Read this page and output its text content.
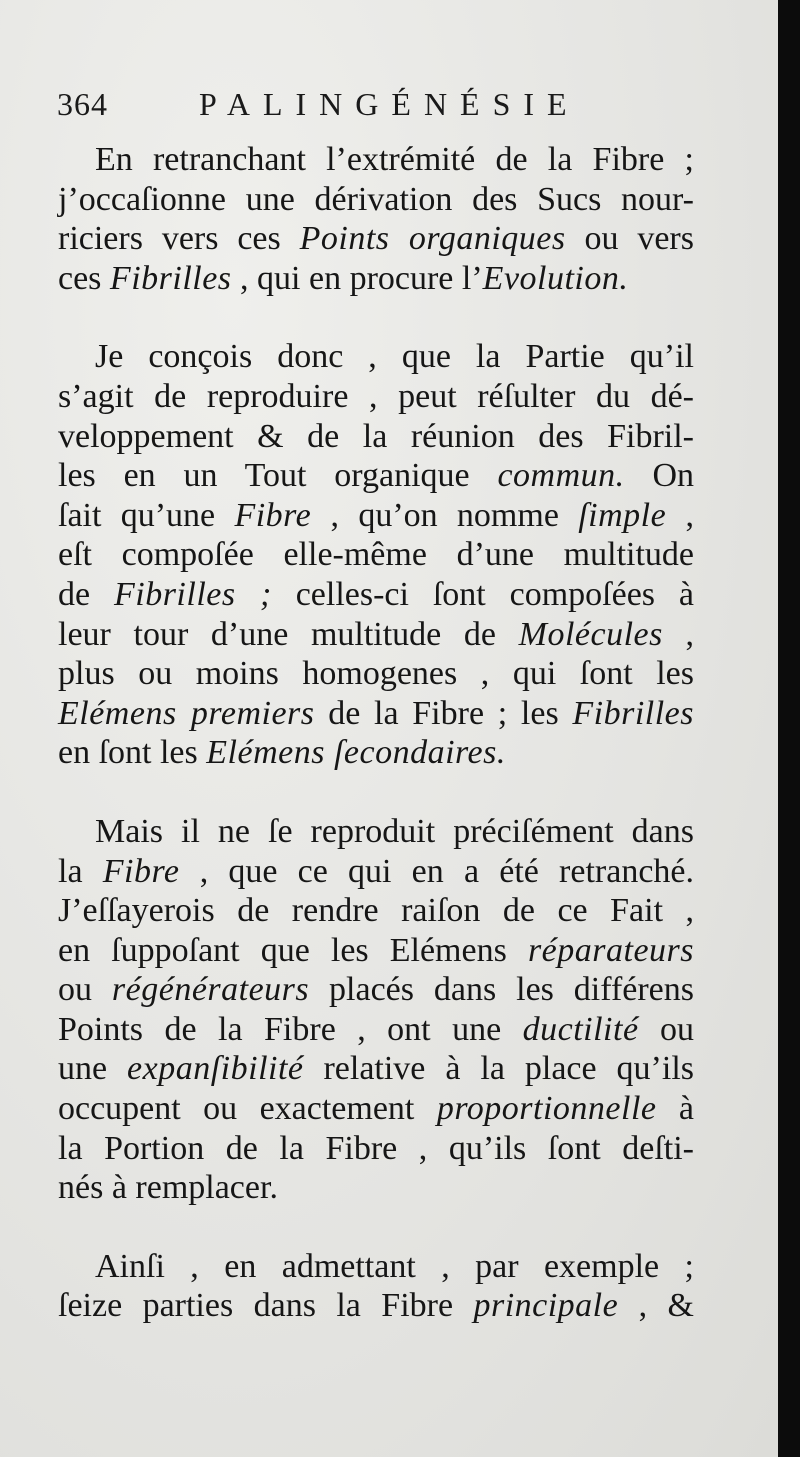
364	PALINGÉNÉSIE
En retranchant l’extrémité de la Fibre ;
j’occaſionne une dérivation des Sucs nour-
riciers vers ces Points organiques ou vers
ces Fibrilles , qui en procure l’Evolution.
Je conçois donc , que la Partie qu’il
s’agit de reproduire , peut réſulter du dé-
veloppement & de la réunion des Fibril-
les en un Tout organique commun. On
ſait qu’une Fibre , qu’on nomme ſimple ,
eſt compoſée elle-même d’une multitude
de Fibrilles ; celles-ci ſont compoſées à
leur tour d’une multitude de Molécules ,
plus ou moins homogenes , qui ſont les
Elémens premiers de la Fibre ; les Fibrilles
en ſont les Elémens ſecondaires.
Mais il ne ſe reproduit préciſément dans
la Fibre , que ce qui en a été retranché.
J’eſſayerois de rendre raiſon de ce Fait ,
en ſuppoſant que les Elémens réparateurs
ou régénérateurs placés dans les différens
Points de la Fibre , ont une ductilité ou
une expanſibilité relative à la place qu’ils
occupent ou exactement proportionnelle à
la Portion de la Fibre , qu’ils ſont deſti-
nés à remplacer.
Ainſi , en admettant , par exemple ;
ſeize parties dans la Fibre principale , &
